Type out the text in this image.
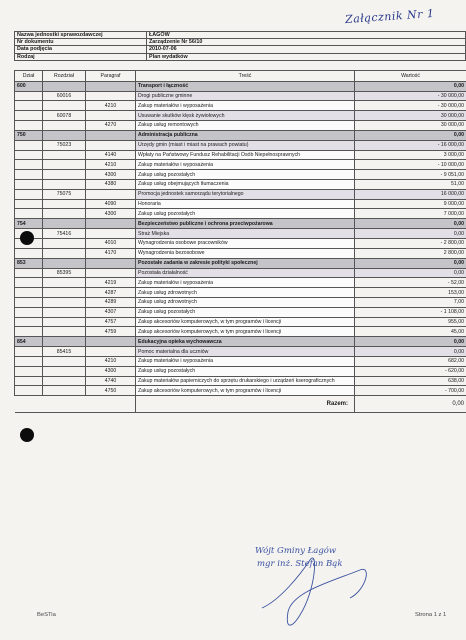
Załącznik Nr 1
Nazwa jednostki sprawozdawczej	ŁAGÓW
Nr dokumentu	Zarządzenie Nr 56/10
Data podjęcia	2010-07-06
Rodzaj	Plan wydatków
Dział	Rozdział	Paragraf	Treść	Wartość
600			Transport i łączność	0,00
	60016		Drogi publiczne gminne	- 30 000,00
		4210	Zakup materiałów i wyposażenia	- 30 000,00
	60078		Usuwanie skutków klęsk żywiołowych	30 000,00
		4270	Zakup usług remontowych	30 000,00
750			Administracja publiczna	0,00
	75023		Urzędy gmin (miast i miast na prawach powiatu)	- 16 000,00
		4140	Wpłaty na Państwowy Fundusz Rehabilitacji Osób Niepełnosprawnych	3 000,00
		4210	Zakup materiałów i wyposażenia	- 10 000,00
		4300	Zakup usług pozostałych	- 9 051,00
		4380	Zakup usług obejmujących tłumaczenia	51,00
	75075		Promocja jednostek samorządu terytorialnego	16 000,00
		4090	Honoraria	9 000,00
		4300	Zakup usług pozostałych	7 000,00
754			Bezpieczeństwo publiczne i ochrona przeciwpożarowa	0,00
	75416		Straż Miejska	0,00
		4010	Wynagrodzenia osobowe pracowników	- 2 800,00
		4170	Wynagrodzenia bezosobowe	2 800,00
853			Pozostałe zadania w zakresie polityki społecznej	0,00
	85395		Pozostała działalność	0,00
		4219	Zakup materiałów i wyposażenia	- 52,00
		4287	Zakup usług zdrowotnych	153,00
		4289	Zakup usług zdrowotnych	7,00
		4307	Zakup usług pozostałych	- 1 108,00
		4757	Zakup akcesoriów komputerowych, w tym programów i licencji	955,00
		4759	Zakup akcesoriów komputerowych, w tym programów i licencji	45,00
854			Edukacyjna opieka wychowawcza	0,00
	85415		Pomoc materialna dla uczniów	0,00
		4210	Zakup materiałów i wyposażenia	682,00
		4300	Zakup usług pozostałych	- 620,00
		4740	Zakup materiałów papierniczych do sprzętu drukarskiego i urządzeń kserograficznych	638,00
		4750	Zakup akcesoriów komputerowych, w tym programów i licencji	- 700,00
			Razem:	0,00
Wójt Gminy Łagów
mgr inż. Stefan Bąk
BeSTia	Strona 1 z 1
